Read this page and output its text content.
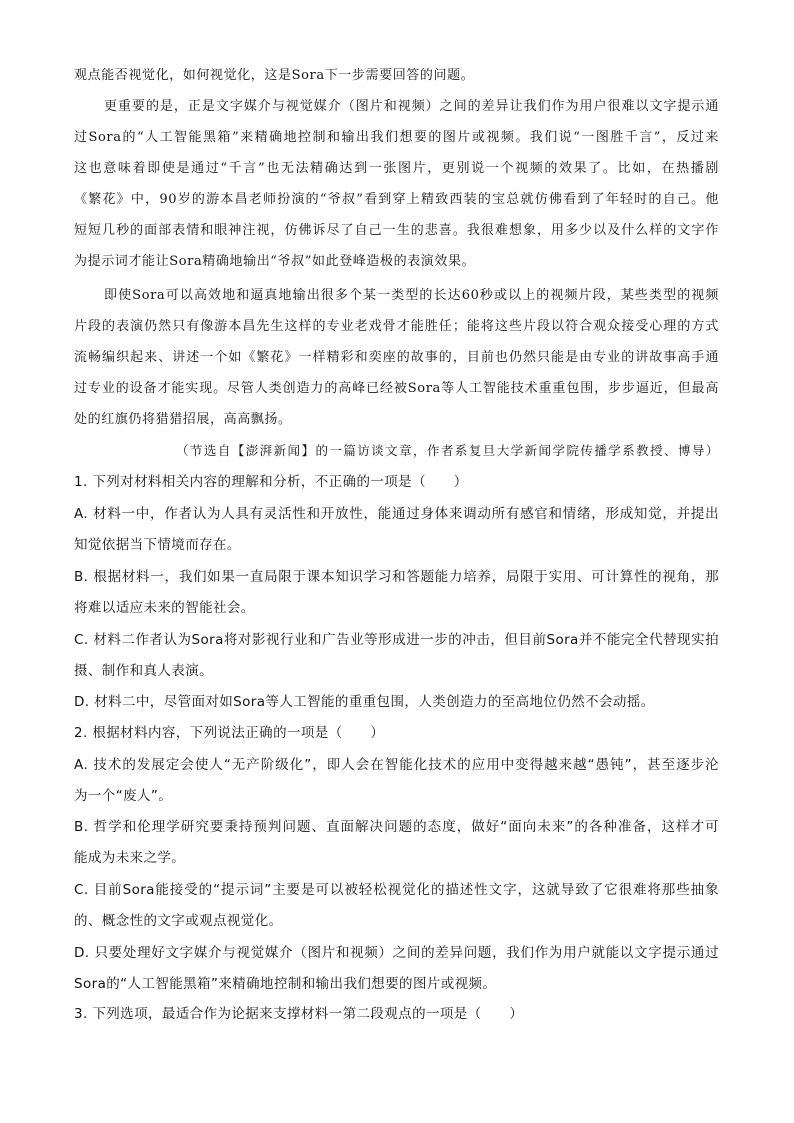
观点能否视觉化，如何视觉化，这是Sora下一步需要回答的问题。
更重要的是，正是文字媒介与视觉媒介（图片和视频）之间的差异让我们作为用户很难以文字提示通
过Sora的“人工智能黑箱”来精确地控制和输出我们想要的图片或视频。我们说“一图胜千言”，反过来
这也意味着即使是通过“千言”也无法精确达到一张图片，更别说一个视频的效果了。比如，在热播剧
《繁花》中，90岁的游本昌老师扮演的“爷叔”看到穿上精致西装的宝总就仿佛看到了年轻时的自己。他
短短几秒的面部表情和眼神注视，仿佛诉尽了自己一生的悲喜。我很难想象，用多少以及什么样的文字作
为提示词才能让Sora精确地输出“爷叔”如此登峰造极的表演效果。
即使Sora可以高效地和逼真地输出很多个某一类型的长达60秒或以上的视频片段，某些类型的视频
片段的表演仍然只有像游本昌先生这样的专业老戏骨才能胜任；能将这些片段以符合观众接受心理的方式
流畅编织起来、讲述一个如《繁花》一样精彩和奕座的故事的，目前也仍然只能是由专业的讲故事高手通
过专业的设备才能实现。尽管人类创造力的高峰已经被Sora等人工智能技术重重包围，步步逼近，但最高
处的红旗仍将猎猎招展，高高飘扬。
（节选自【澎湃新闻】的一篇访谈文章，作者系复旦大学新闻学院传播学系教授、博导）
1. 下列对材料相关内容的理解和分析，不正确的一项是（　　）
A. 材料一中，作者认为人具有灵活性和开放性，能通过身体来调动所有感官和情绪，形成知觉，并提出
知觉依据当下情境而存在。
B. 根据材料一，我们如果一直局限于课本知识学习和答题能力培养，局限于实用、可计算性的视角，那
将难以适应未来的智能社会。
C. 材料二作者认为Sora将对影视行业和广告业等形成进一步的冲击，但目前Sora并不能完全代替现实拍
摄、制作和真人表演。
D. 材料二中，尽管面对如Sora等人工智能的重重包围，人类创造力的至高地位仍然不会动摇。
2. 根据材料内容，下列说法正确的一项是（　　）
A. 技术的发展定会使人“无产阶级化”，即人会在智能化技术的应用中变得越来越“愚钝”，甚至逐步沦
为一个“废人”。
B. 哲学和伦理学研究要秉持预判问题、直面解决问题的态度，做好“面向未来”的各种准备，这样才可
能成为未来之学。
C. 目前Sora能接受的“提示词”主要是可以被轻松视觉化的描述性文字，这就导致了它很难将那些抽象
的、概念性的文字或观点视觉化。
D. 只要处理好文字媒介与视觉媒介（图片和视频）之间的差异问题，我们作为用户就能以文字提示通过
Sora的“人工智能黑箱”来精确地控制和输出我们想要的图片或视频。
3. 下列选项，最适合作为论据来支撑材料一第二段观点的一项是（　　）
